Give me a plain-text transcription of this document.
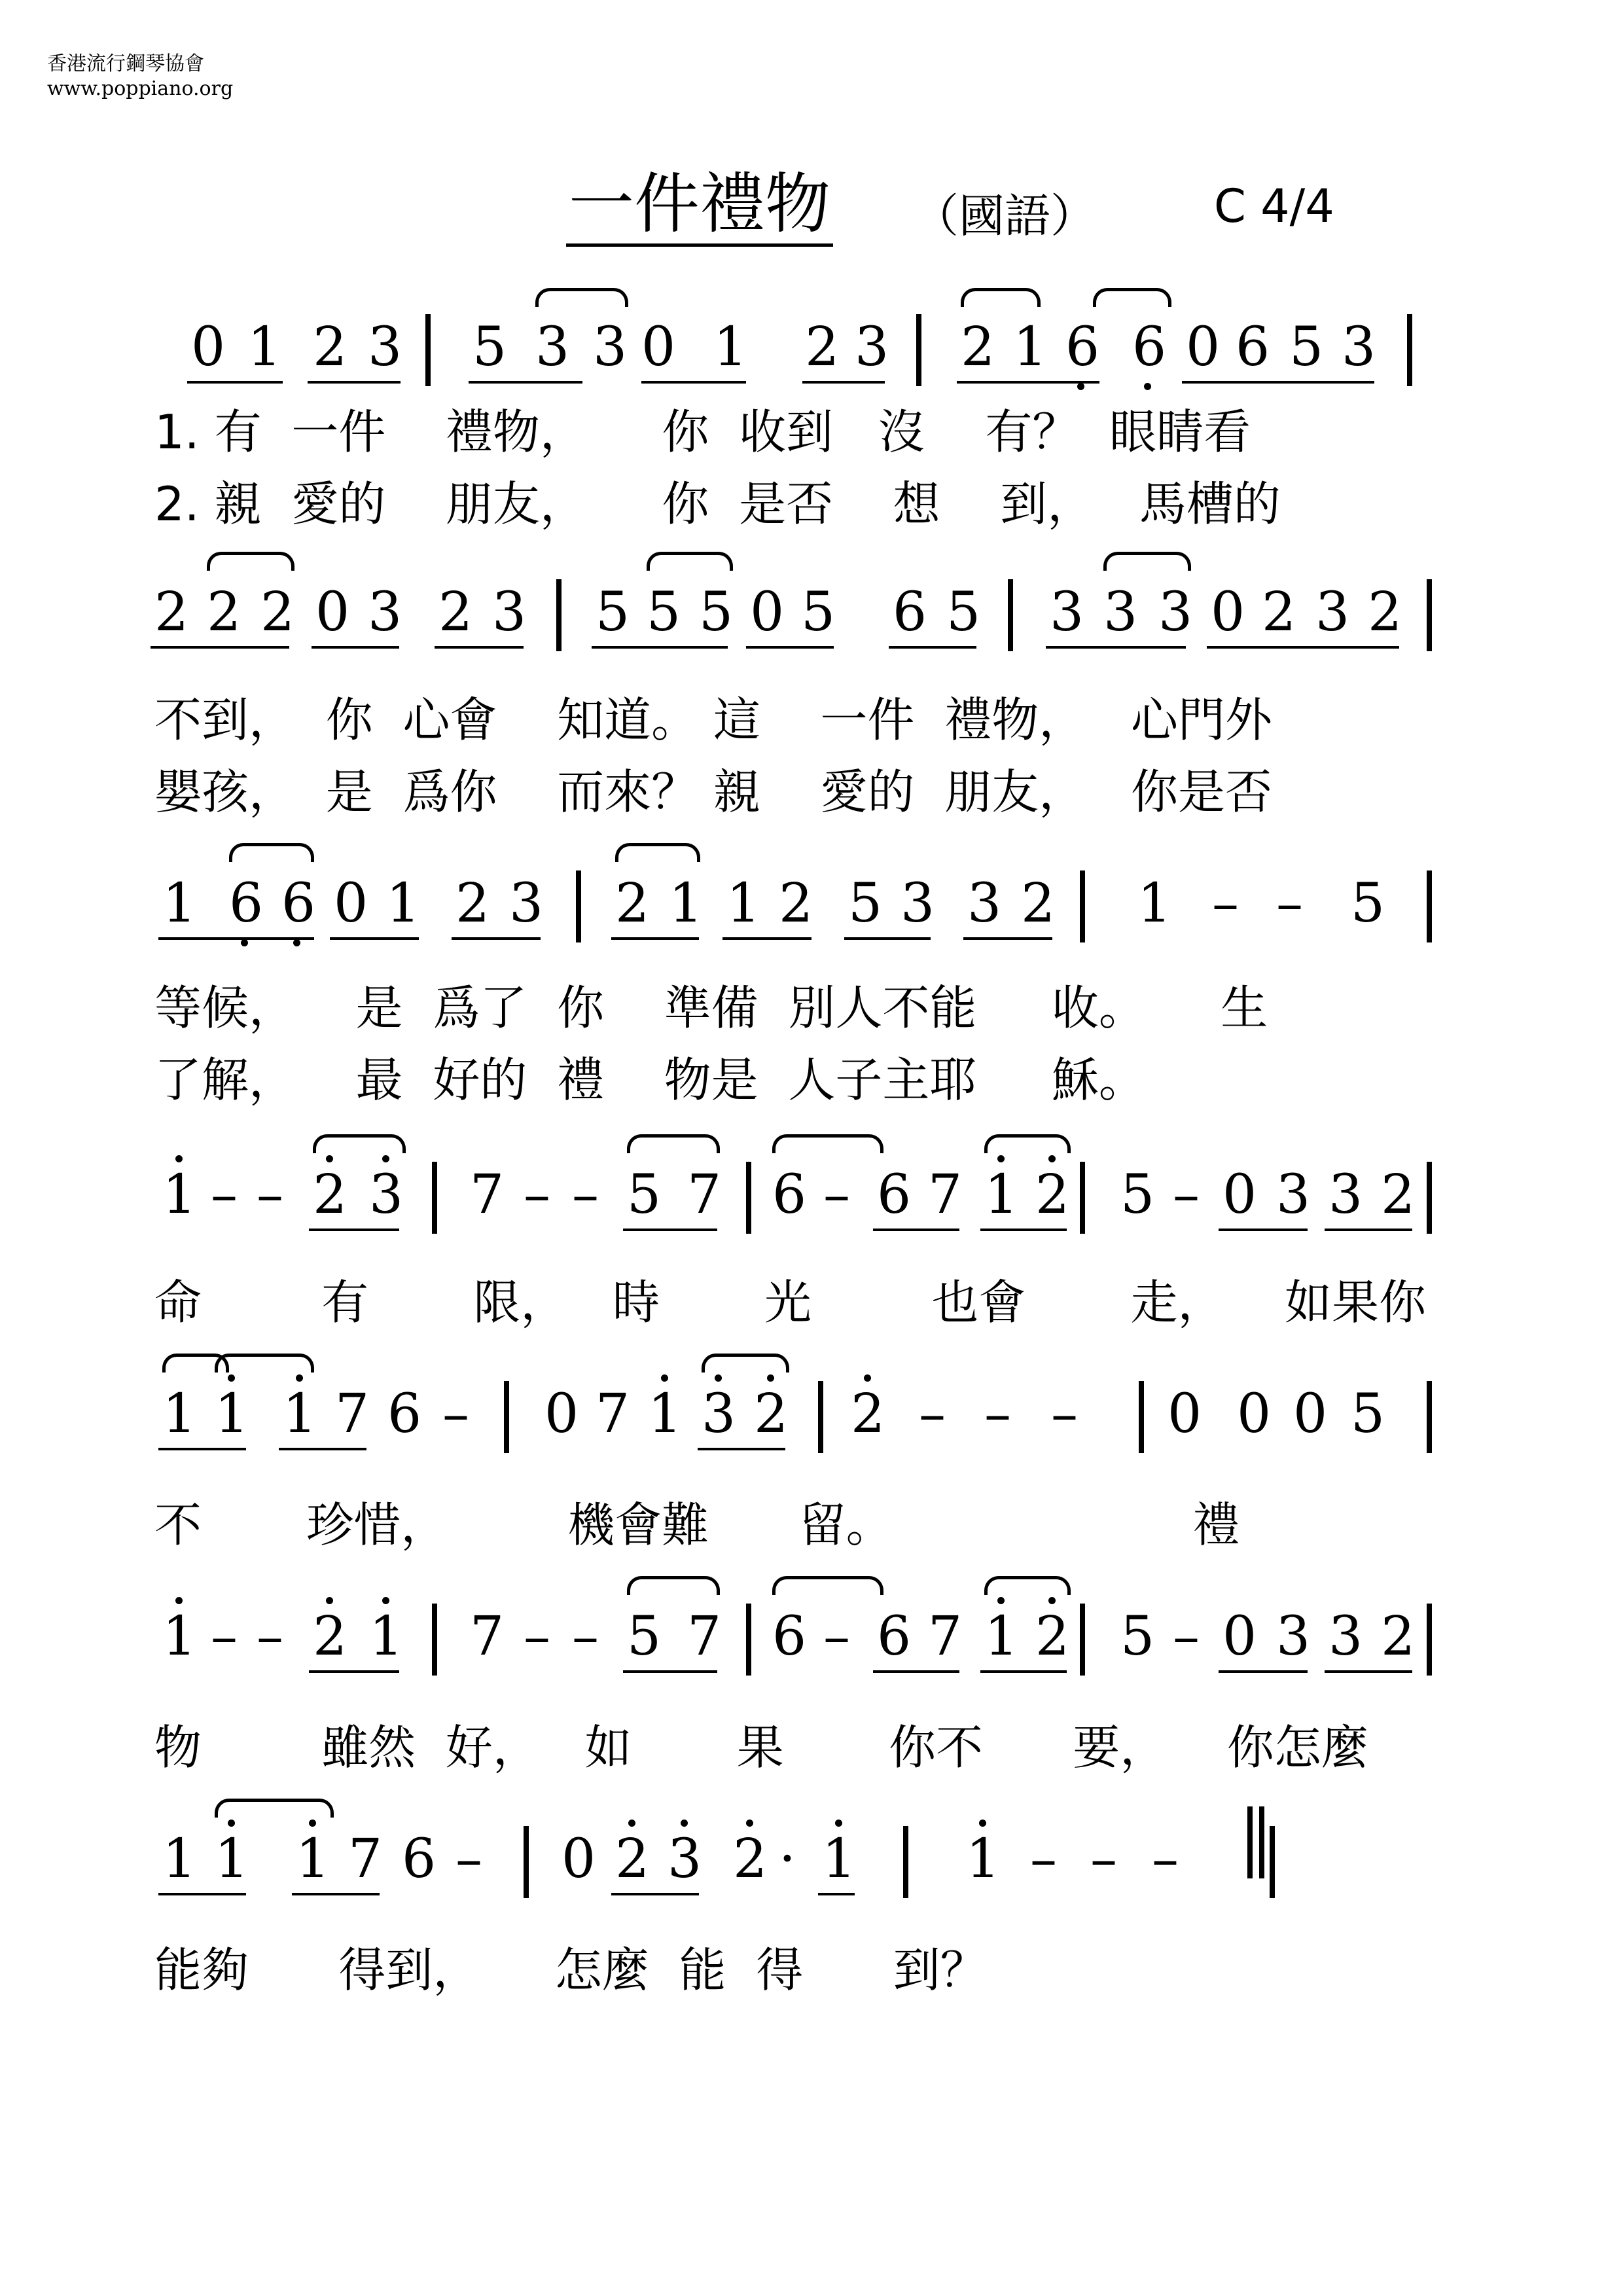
香港流行鋼琴協會
www.poppiano.org
一件禮物 （國語）	C 4/4
0 1 2 3 5 3 3 0 1 2 3 2 1 6 6 0 6 5 3
1. 有  一件    禮物，     你  收到   沒    有？  眼睛看
2. 親  愛的    朋友，     你  是否    想    到，   馬槽的
2 2 2 0 3 2 3 5 5 5 0 5 6 5 3 3 3 0 2 3 2
不到，  你  心會    知道。 這    一件  禮物，   心門外
嬰孩，  是  爲你    而來？ 親    愛的  朋友，   你是否
1 6 6 0 1 2 3 2 1 1 2 5 3 3 2 1 – – 5
等候，    是  爲了  你    準備  別人不能     收。     生
了解，    最  好的  禮    物是  人子主耶     穌。
1 – – 2 3 7 – – 5 7 6 – 6 7 1 2 5 – 0 3 3 2
命        有       限，   時       光        也會       走，    如果你
1 1 1 7 6 – 0 7 1 3 2 2 – – – 0 0 0 5
不       珍惜，        機會難      留。                    禮
1 – – 2 1 7 – – 5 7 6 – 6 7 1 2 5 – 0 3 3 2
物        雖然  好，   如       果       你不      要，    你怎麼
1 1 1 7 6 – 0 2 3 2 · 1 1 – – –
能夠      得到，     怎麼  能  得      到？
